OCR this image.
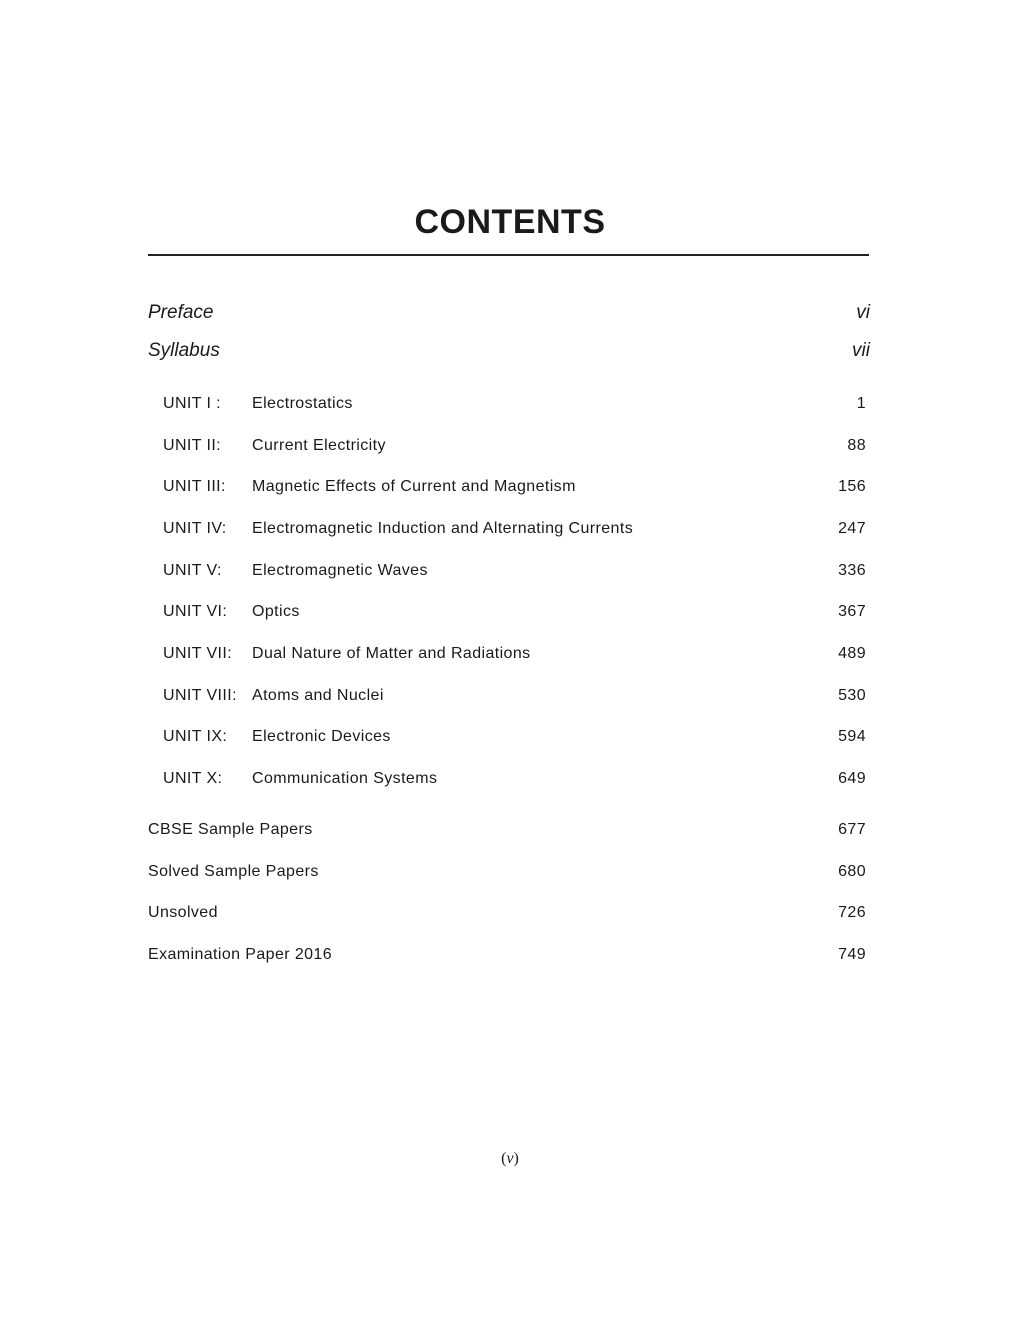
CONTENTS
Preface	vi
Syllabus	vii
UNIT I :	Electrostatics	1
UNIT II:	Current Electricity	88
UNIT III:	Magnetic Effects of Current and Magnetism	156
UNIT IV:	Electromagnetic Induction and Alternating Currents	247
UNIT V:	Electromagnetic Waves	336
UNIT VI:	Optics	367
UNIT VII:	Dual Nature of Matter and Radiations	489
UNIT VIII: Atoms and Nuclei	530
UNIT IX:	Electronic Devices	594
UNIT X:	Communication Systems	649
CBSE Sample Papers	677
Solved Sample Papers	680
Unsolved	726
Examination Paper 2016	749
(v)
